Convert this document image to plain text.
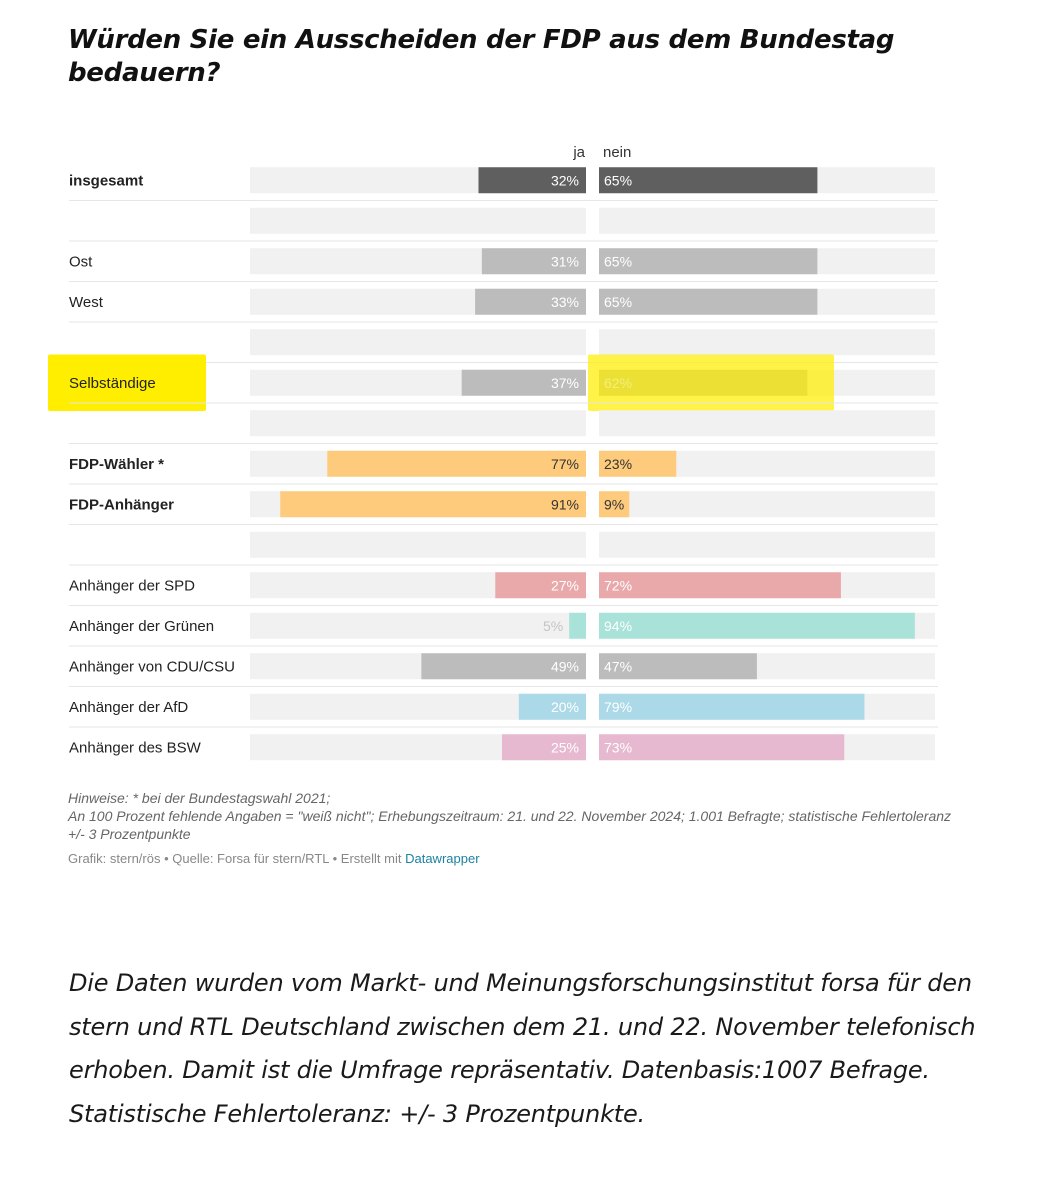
ja nein
insgesamt	32% 65%
Ost	31% 65%
West	33% 65%
Selbständige	37% 62%
FDP-Wähler *	77% 23%
FDP-Anhänger	91% 9%
Anhänger der SPD	27% 72%
Anhänger der Grünen	5%	94%
Anhänger von CDU/CSU	49% 47%
Anhänger der AfD	20% 79%
Anhänger des BSW	25% 73%
Würden Sie ein Ausscheiden der FDP aus dem Bundestag bedauern?
Hinweise: * bei der Bundestagswahl 2021;
An 100 Prozent fehlende Angaben = "weiß nicht"; Erhebungszeitraum: 21. und 22. November 2024; 1.001 Befragte; statistische Fehlertoleranz +/- 3 Prozentpunkte
Grafik: stern/rös • Quelle: Forsa für stern/RTL • Erstellt mit Datawrapper
Die Daten wurden vom Markt- und Meinungsforschungsinstitut forsa für den stern und RTL Deutschland zwischen dem 21. und 22. November telefonisch erhoben. Damit ist die Umfrage repräsentativ. Datenbasis:1007 Befrage. Statistische Fehlertoleranz: +/- 3 Prozentpunkte.
